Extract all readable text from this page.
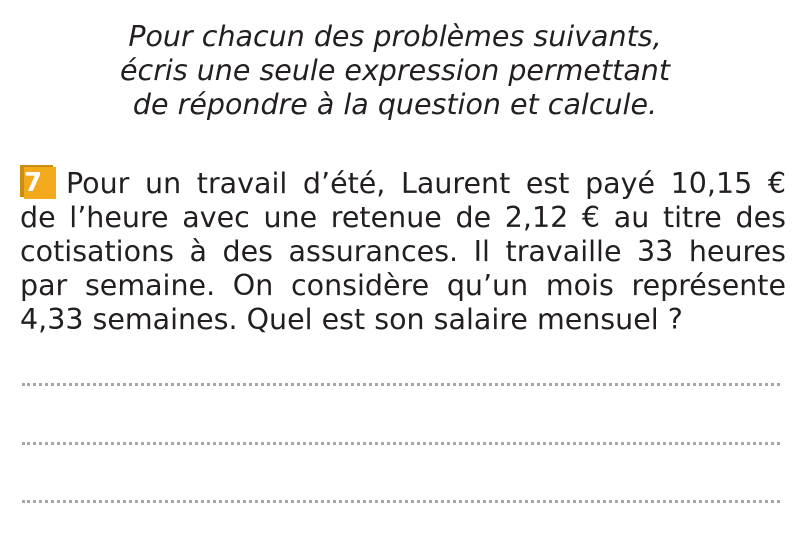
Pour chacun des problèmes suivants,
écris une seule expression permettant
de répondre à la question et calcule.
7 Pour un travail d’été, Laurent est payé 10,15 €
de l’heure avec une retenue de 2,12 € au titre des
cotisations à des assurances. Il travaille 33 heures
par semaine. On considère qu’un mois représente
4,33 semaines. Quel est son salaire mensuel ?
